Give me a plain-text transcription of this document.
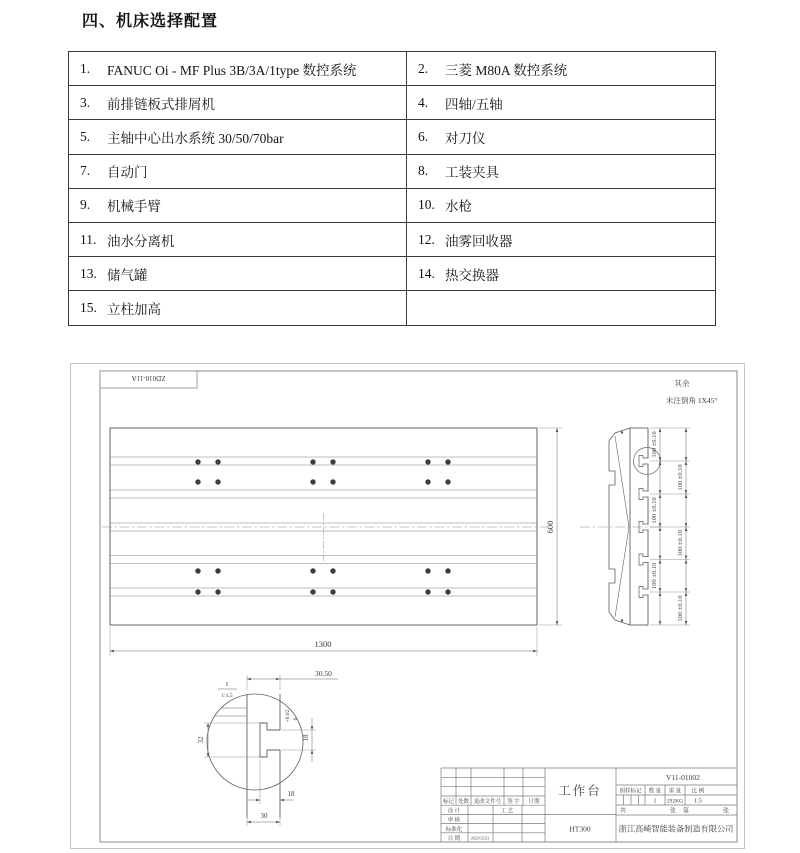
四、机床选择配置
1. FANUC Oi - MF Plus 3B/3A/1type 数控系统	2. 三菱 M80A 数控系统

3. 前排链板式排屑机	4. 四轴/五轴

5. 主轴中心出水系统 30/50/70bar	6. 对刀仪

7. 自动门	8. 工装夹具

9. 机械手臂	10. 水枪

11. 油水分离机	12. 油雾回收器

13. 储气罐	14. 热交换器

15. 立柱加高	

ZD010-11A
其余
未注倒角 1X45°
1300
600
100 ±0.10
100 ±0.10
100 ±0.10
100 ±0.10
100 ±0.10
100 ±0.10
I
1:1.5
30.50
+0.02 0
18
32
18
30
标记 处数 更改文件号 签 字 日期
设 计	工 艺
审 核
标准化
日 期	2023/12/23
图样标记 数 量 重 量 比 例
1 292KG 1:5
共	张 第	张
工作台
HT300
V11-01002
浙江高崎智能装备制造有限公司
